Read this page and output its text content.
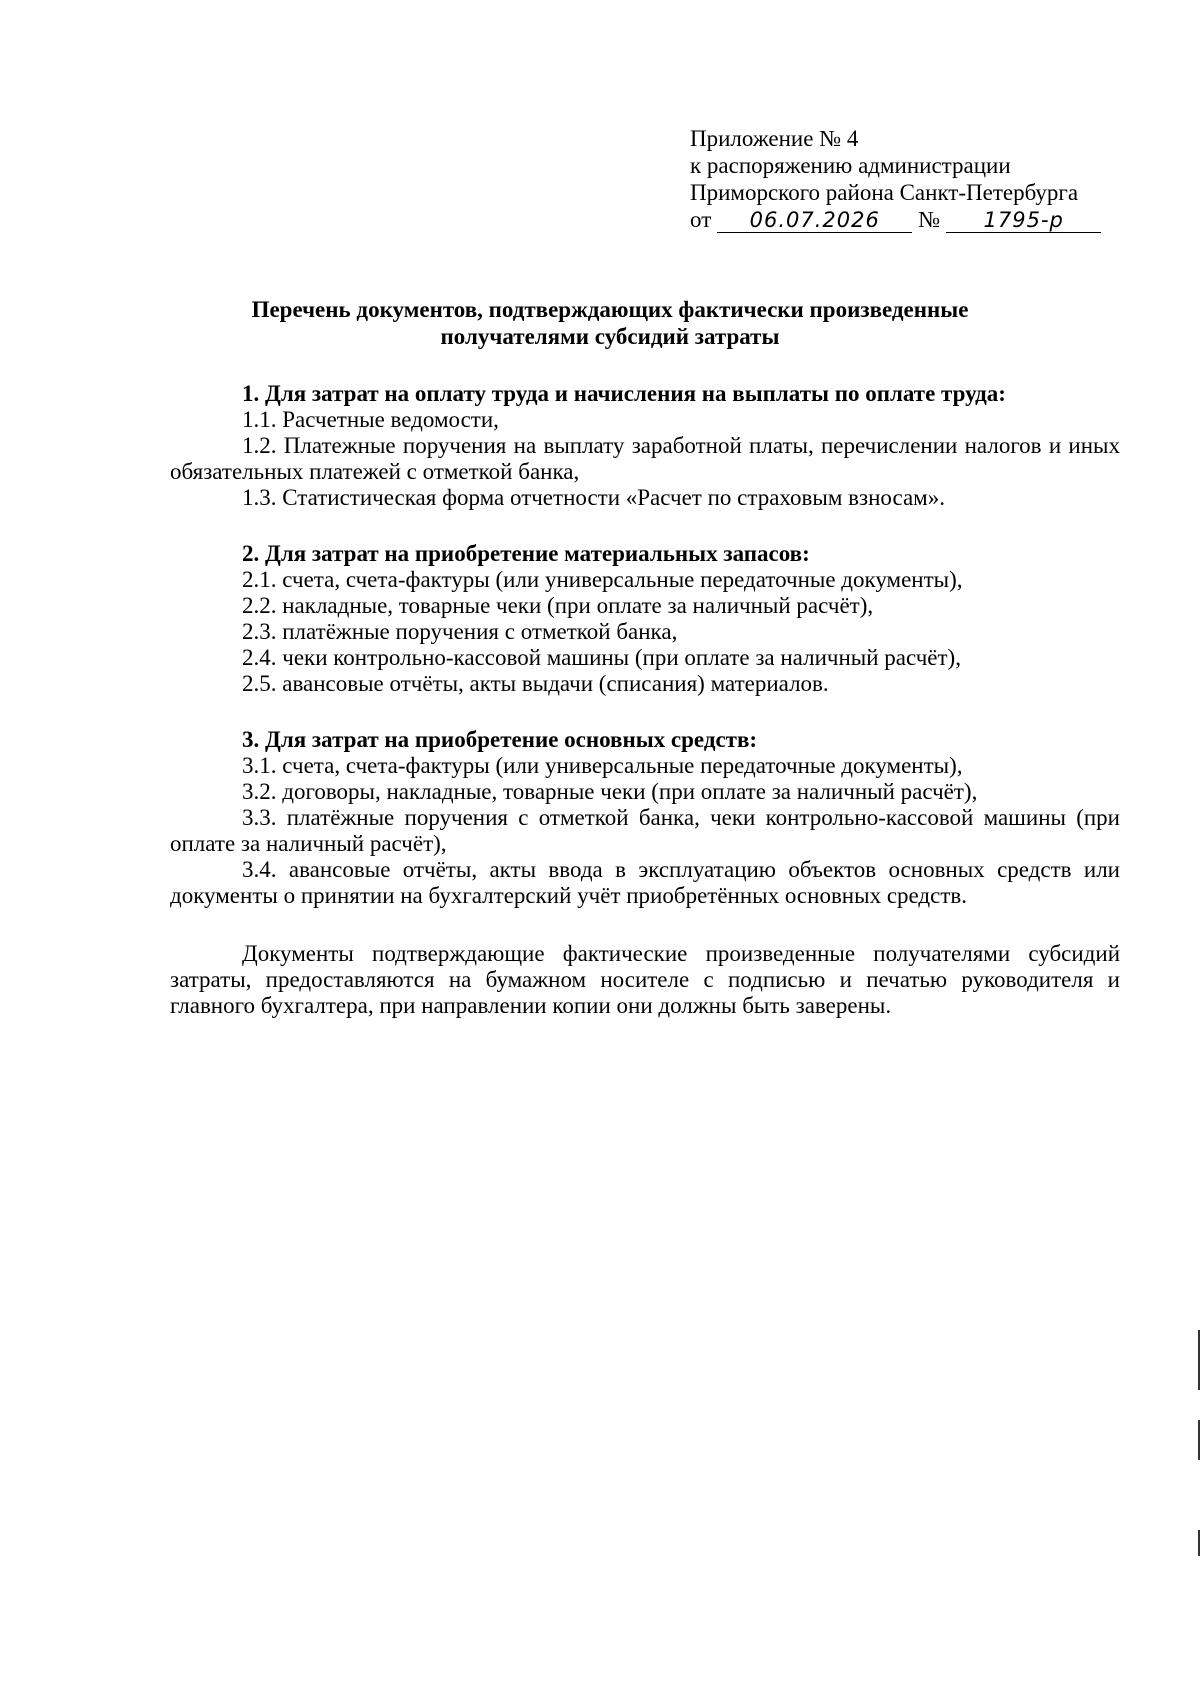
Приложение № 4
к распоряжению администрации
Приморского района Санкт-Петербурга
от 06.07.2026 № 1795-р
Перечень документов, подтверждающих фактически произведенные
получателями субсидий затраты

1. Для затрат на оплату труда и начисления на выплаты по оплате труда:

1.1. Расчетные ведомости,

1.2. Платежные поручения на выплату заработной платы, перечислении налогов и иных обязательных платежей с отметкой банка,

1.3. Статистическая форма отчетности «Расчет по страховым взносам».

2. Для затрат на приобретение материальных запасов:

2.1. счета, счета-фактуры (или универсальные передаточные документы),

2.2. накладные, товарные чеки (при оплате за наличный расчёт),

2.3. платёжные поручения с отметкой банка,

2.4. чеки контрольно-кассовой машины (при оплате за наличный расчёт),

2.5. авансовые отчёты, акты выдачи (списания) материалов.

3. Для затрат на приобретение основных средств:

3.1. счета, счета-фактуры (или универсальные передаточные документы),

3.2. договоры, накладные, товарные чеки (при оплате за наличный расчёт),

3.3. платёжные поручения с отметкой банка, чеки контрольно-кассовой машины (при оплате за наличный расчёт),

3.4. авансовые отчёты, акты ввода в эксплуатацию объектов основных средств или документы о принятии на бухгалтерский учёт приобретённых основных средств.

Документы подтверждающие фактические произведенные получателями субсидий затраты, предоставляются на бумажном носителе с подписью и печатью руководителя и главного бухгалтера, при направлении копии они должны быть заверены.
